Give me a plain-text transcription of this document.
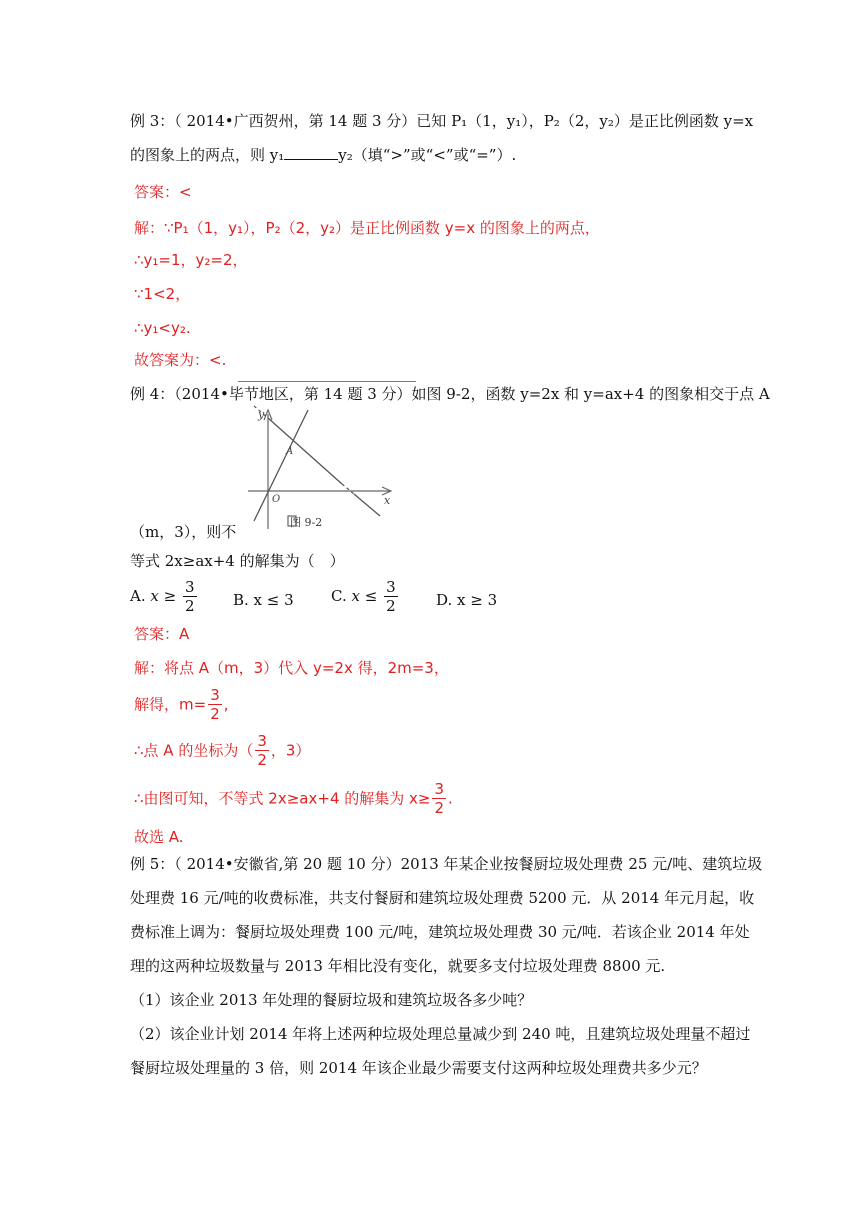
例 3：（ 2014•广西贺州，第 14 题 3 分）已知 P₁（1，y₁），P₂（2，y₂）是正比例函数 y=x
的图象上的两点，则 y₁	y₂（填“>”或“<”或“=”）.
答案：<
解：∵P₁（1，y₁），P₂（2，y₂）是正比例函数 y=x 的图象上的两点，
∴y₁=1，y₂=2，
∵1<2，
∴y₁<y₂.
故答案为：<.
例 4：（2014•毕节地区，第 14 题 3 分）如图 9-2，函数 y=2x 和 y=ax+4 的图象相交于点 A
y
x
O
A
图 9-2
（m，3），则不
等式 2x≥ax+4 的解集为（　）
A. $x \ge \frac{3}{2} B$. x ≤ 3 C. $x \le \frac{3}{2}$	D. x ≥ 3
答案：A
解：将点 A（m，3）代入 y=2x 得，2m=3，
解得，$m= \frac{3}{2}$ ,
∴点 A 的坐标为（ $\frac{3}{2}$ ，3）
∴由图可知，不等式 2x≥ax+4 的解集为 $x\ge \frac{3}{2}$ .
故选 A.
例 5：（ 2014•安徽省,第 20 题 10 分）2013 年某企业按餐厨垃圾处理费 25 元/吨、建筑垃圾
处理费 16 元/吨的收费标准，共支付餐厨和建筑垃圾处理费 5200 元．从 2014 年元月起，收
费标准上调为：餐厨垃圾处理费 100 元/吨，建筑垃圾处理费 30 元/吨．若该企业 2014 年处
理的这两种垃圾数量与 2013 年相比没有变化，就要多支付垃圾处理费 8800 元.
（1）该企业 2013 年处理的餐厨垃圾和建筑垃圾各多少吨？
（2）该企业计划 2014 年将上述两种垃圾处理总量减少到 240 吨，且建筑垃圾处理量不超过
餐厨垃圾处理量的 3 倍，则 2014 年该企业最少需要支付这两种垃圾处理费共多少元？
